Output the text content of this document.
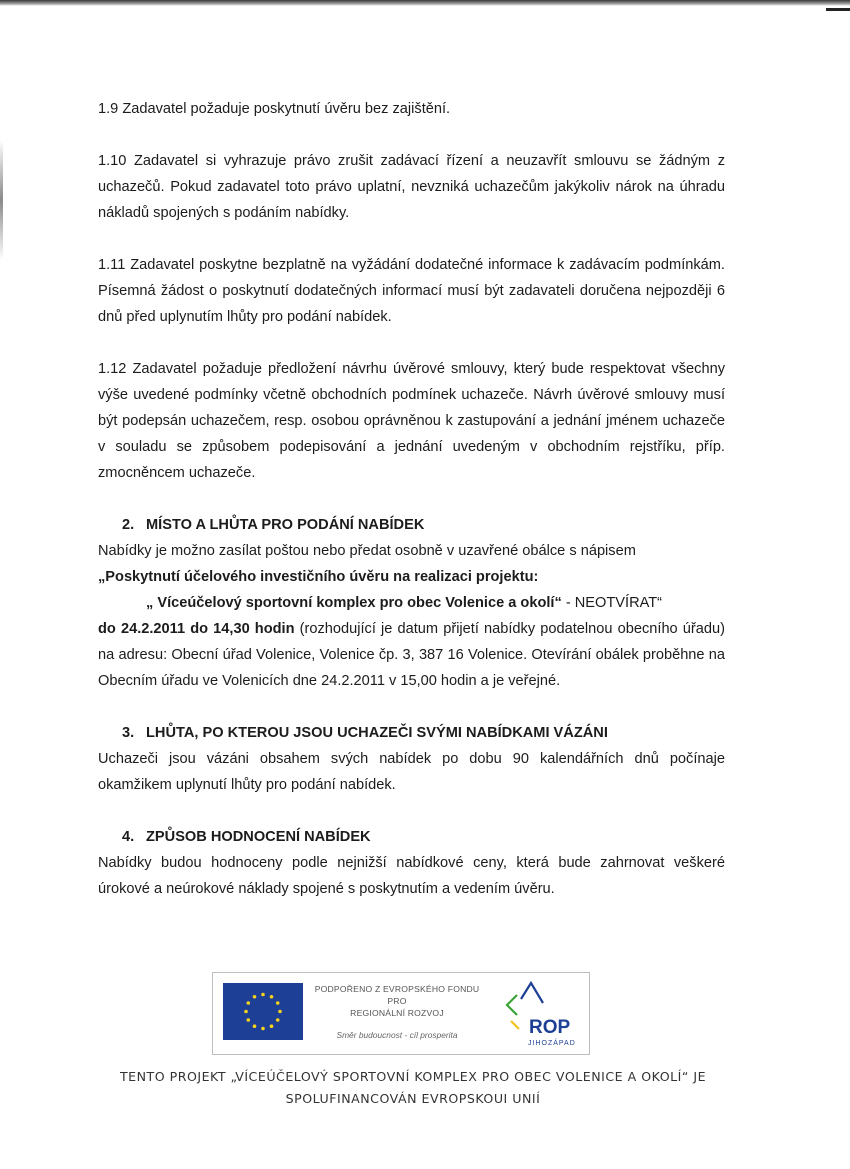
1.9 Zadavatel požaduje poskytnutí úvěru bez zajištění.

1.10 Zadavatel si vyhrazuje právo zrušit zadávací řízení a neuzavřít smlouvu se žádným z uchazečů. Pokud zadavatel toto právo uplatní, nevzniká uchazečům jakýkoliv nárok na úhradu nákladů spojených s podáním nabídky.

1.11 Zadavatel poskytne bezplatně na vyžádání dodatečné informace k zadávacím podmínkám. Písemná žádost o poskytnutí dodatečných informací musí být zadavateli doručena nejpozději 6 dnů před uplynutím lhůty pro podání nabídek.

1.12 Zadavatel požaduje předložení návrhu úvěrové smlouvy, který bude respektovat všechny výše uvedené podmínky včetně obchodních podmínek uchazeče. Návrh úvěrové smlouvy musí být podepsán uchazečem, resp. osobou oprávněnou k zastupování a jednání jménem uchazeče v souladu se způsobem podepisování a jednání uvedeným v obchodním rejstříku, příp. zmocněncem uchazeče.

2. MÍSTO A LHŮTA PRO PODÁNÍ NABÍDEK

Nabídky je možno zasílat poštou nebo předat osobně v uzavřené obálce s nápisem

„Poskytnutí účelového investičního úvěru na realizaci projektu:

„ Víceúčelový sportovní komplex pro obec Volenice a okolí“ - NEOTVÍRAT“

do 24.2.2011 do 14,30 hodin (rozhodující je datum přijetí nabídky podatelnou obecního úřadu) na adresu: Obecní úřad Volenice, Volenice čp. 3, 387 16 Volenice. Otevírání obálek proběhne na Obecním úřadu ve Volenicích dne 24.2.2011 v 15,00 hodin a je veřejné.

3. LHŮTA, PO KTEROU JSOU UCHAZEČI SVÝMI NABÍDKAMI VÁZÁNI

Uchazeči jsou vázáni obsahem svých nabídek po dobu 90 kalendářních dnů počínaje okamžikem uplynutí lhůty pro podání nabídek.

4. ZPŮSOB HODNOCENÍ NABÍDEK

Nabídky budou hodnoceny podle nejnižší nabídkové ceny, která bude zahrnovat veškeré úrokové a neúrokové náklady spojené s poskytnutím a vedením úvěru.

PODPOŘENO Z EVROPSKÉHO FONDU
PRO
REGIONÁLNÍ ROZVOJ
Směr budoucnost - cíl prosperita	ROP
JIHOZÁPAD
TENTO PROJEKT „VÍCEÚČELOVÝ SPORTOVNÍ KOMPLEX PRO OBEC VOLENICE A OKOLÍ“ JE
SPOLUFINANCOVÁN EVROPSKOUI UNIÍ
